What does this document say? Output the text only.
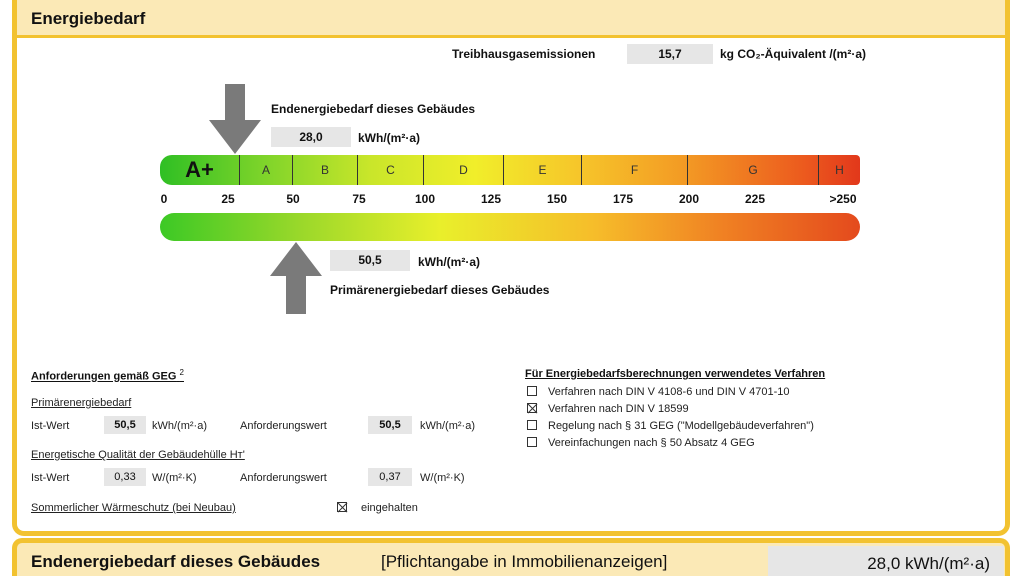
Energiebedarf
Treibhausgasemissionen	15,7	kg CO₂-Äquivalent /(m²·a)
Endenergiebedarf dieses Gebäudes
28,0	kWh/(m²·a)
A+	A	B	C	D	E	F	G	H
0	25	50	75	100	125	150	175	200	225	>250
50,5	kWh/(m²·a)
Primärenergiebedarf dieses Gebäudes
Anforderungen gemäß GEG $^2$
Primärenergiebedarf
Ist-Wert	50,5	kWh/(m²·a)	Anforderungswert	50,5	kWh/(m²·a)
Energetische Qualität der Gebäudehülle Hᴛ'
Ist-Wert	0,33	W/(m²·K)	Anforderungswert	0,37	W/(m²·K)
Sommerlicher Wärmeschutz (bei Neubau)	eingehalten
Für Energiebedarfsberechnungen verwendetes Verfahren
Verfahren nach DIN V 4108-6 und DIN V 4701-10
Verfahren nach DIN V 18599
Regelung nach § 31 GEG ("Modellgebäudeverfahren")
Vereinfachungen nach § 50 Absatz 4 GEG
Endenergiebedarf dieses Gebäudes	[Pflichtangabe in Immobilienanzeigen]	28,0 kWh/(m²·a)
